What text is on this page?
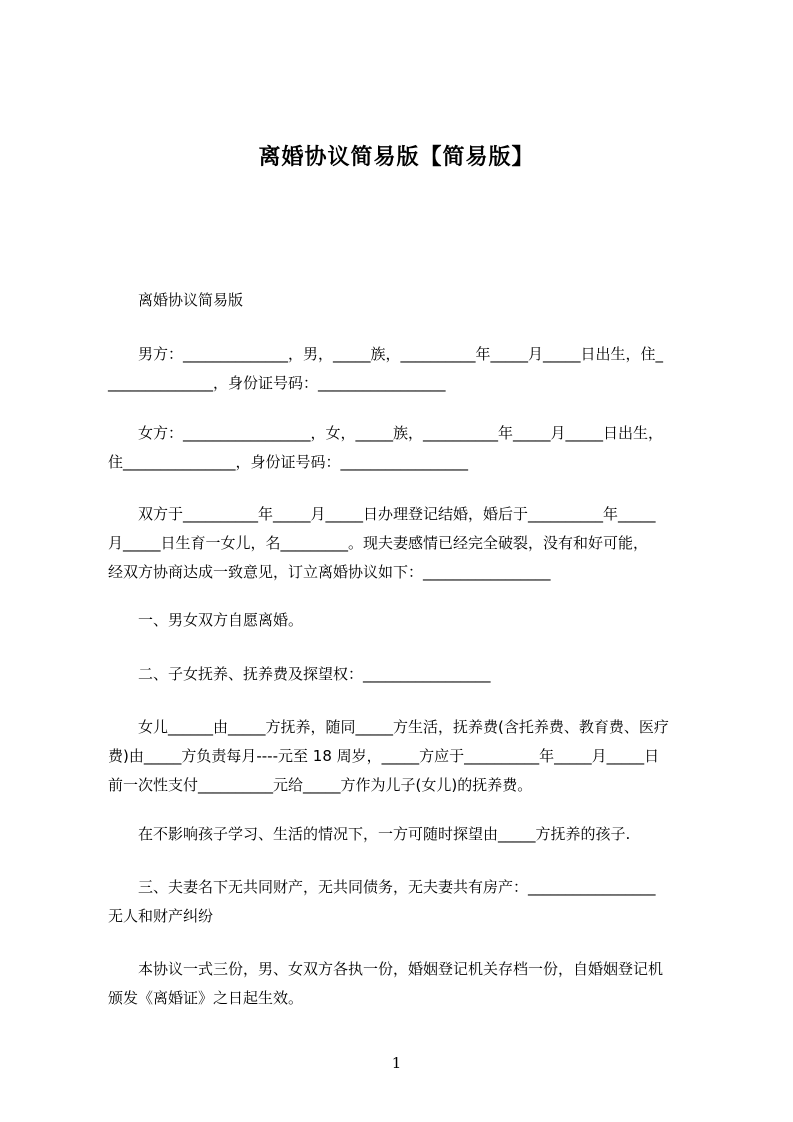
离婚协议简易版【简易版】
离婚协议简易版
男方：______________，男，_____族，__________年_____月_____日出生，住_
______________，身份证号码：_________________
女方：_________________，女，_____族，__________年_____月_____日出生，
住_______________，身份证号码：_________________
双方于__________年_____月_____日办理登记结婚，婚后于__________年_____
月_____日生育一女儿，名_________。现夫妻感情已经完全破裂，没有和好可能，
经双方协商达成一致意见，订立离婚协议如下：_________________
一、男女双方自愿离婚。
二、子女抚养、抚养费及探望权：_________________
女儿______由_____方抚养，随同_____方生活，抚养费(含托养费、教育费、医疗
费)由_____方负责每月----元至 18 周岁，_____方应于__________年_____月_____日
前一次性支付__________元给_____方作为儿子(女儿)的抚养费。
在不影响孩子学习、生活的情况下，一方可随时探望由_____方抚养的孩子.
三、夫妻名下无共同财产，无共同债务，无夫妻共有房产：_________________
无人和财产纠纷
本协议一式三份，男、女双方各执一份，婚姻登记机关存档一份，自婚姻登记机
颁发《离婚证》之日起生效。
1
